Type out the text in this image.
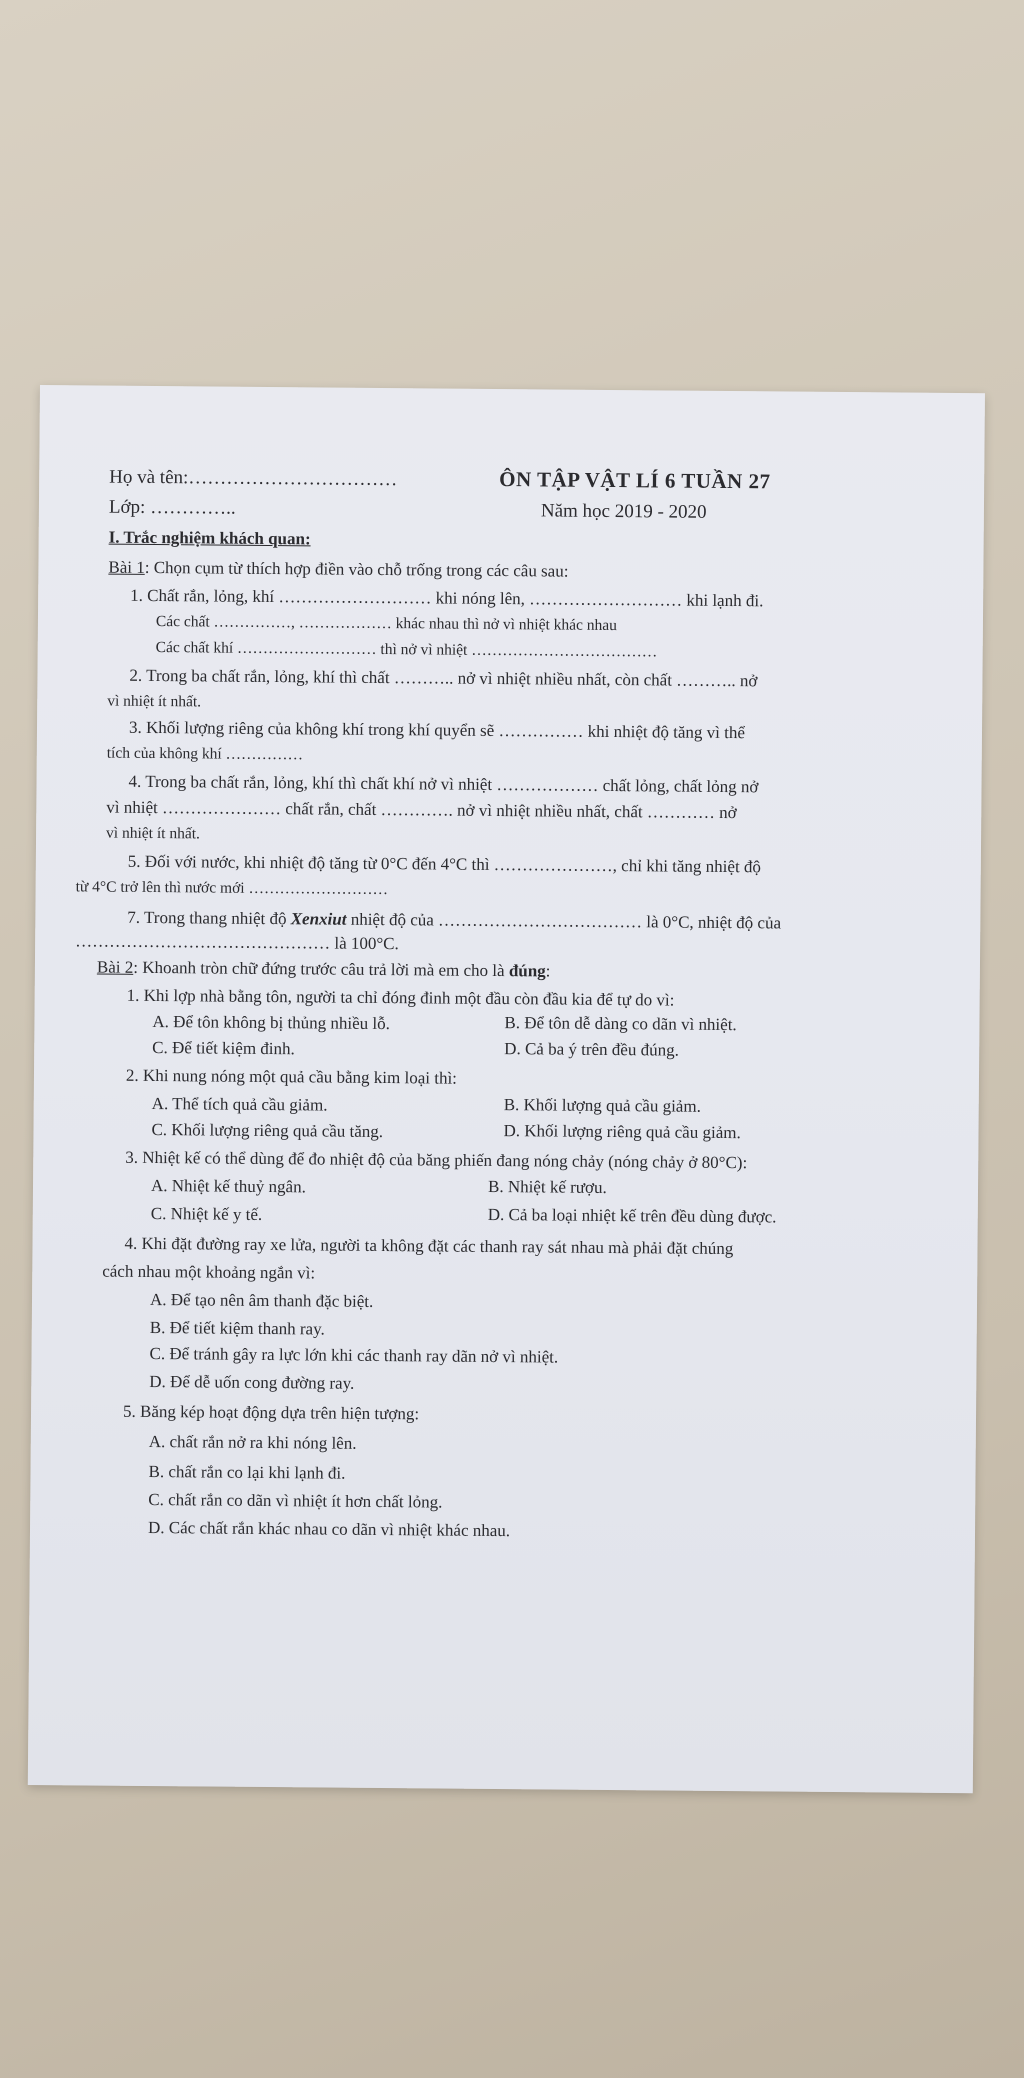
Họ và tên:……………………………	ÔN TẬP VẬT LÍ 6 TUẦN 27
Lớp: …………..	Năm học 2019 - 2020
I. Trắc nghiệm khách quan:
Bài 1: Chọn cụm từ thích hợp điền vào chỗ trống trong các câu sau:
1. Chất rắn, lỏng, khí ……………………… khi nóng lên, ……………………… khi lạnh đi.
Các chất ……………, ……………… khác nhau thì nở vì nhiệt khác nhau
Các chất khí ……………………… thì nở vì nhiệt ………………………………
2. Trong ba chất rắn, lỏng, khí thì chất ……….. nở vì nhiệt nhiều nhất, còn chất ……….. nở
vì nhiệt ít nhất.
3. Khối lượng riêng của không khí trong khí quyển sẽ …………… khi nhiệt độ tăng vì thể
tích của không khí ……………
4. Trong ba chất rắn, lỏng, khí thì chất khí nở vì nhiệt ……………… chất lỏng, chất lỏng nở
vì nhiệt ………………… chất rắn, chất …………. nở vì nhiệt nhiều nhất, chất ………… nở
vì nhiệt ít nhất.
5. Đối với nước, khi nhiệt độ tăng từ 0°C đến 4°C thì …………………, chỉ khi tăng nhiệt độ
từ 4°C trở lên thì nước mới ………………………
7. Trong thang nhiệt độ Xenxiut nhiệt độ của ……………………………… là 0°C, nhiệt độ của
……………………………………… là 100°C.
Bài 2: Khoanh tròn chữ đứng trước câu trả lời mà em cho là đúng:
1. Khi lợp nhà bằng tôn, người ta chỉ đóng đinh một đầu còn đầu kia để tự do vì:
A. Để tôn không bị thủng nhiều lỗ.	B. Để tôn dễ dàng co dãn vì nhiệt.
C. Để tiết kiệm đinh.	D. Cả ba ý trên đều đúng.
2. Khi nung nóng một quả cầu bằng kim loại thì:
A. Thể tích quả cầu giảm.	B. Khối lượng quả cầu giảm.
C. Khối lượng riêng quả cầu tăng.	D. Khối lượng riêng quả cầu giảm.
3. Nhiệt kế có thể dùng để đo nhiệt độ của băng phiến đang nóng chảy (nóng chảy ở 80°C):
A. Nhiệt kế thuỷ ngân.	B. Nhiệt kế rượu.
C. Nhiệt kế y tế.	D. Cả ba loại nhiệt kế trên đều dùng được.
4. Khi đặt đường ray xe lửa, người ta không đặt các thanh ray sát nhau mà phải đặt chúng
cách nhau một khoảng ngắn vì:
A. Để tạo nên âm thanh đặc biệt.
B. Để tiết kiệm thanh ray.
C. Để tránh gây ra lực lớn khi các thanh ray dãn nở vì nhiệt.
D. Để dễ uốn cong đường ray.
5. Băng kép hoạt động dựa trên hiện tượng:
A. chất rắn nở ra khi nóng lên.
B. chất rắn co lại khi lạnh đi.
C. chất rắn co dãn vì nhiệt ít hơn chất lỏng.
D. Các chất rắn khác nhau co dãn vì nhiệt khác nhau.
